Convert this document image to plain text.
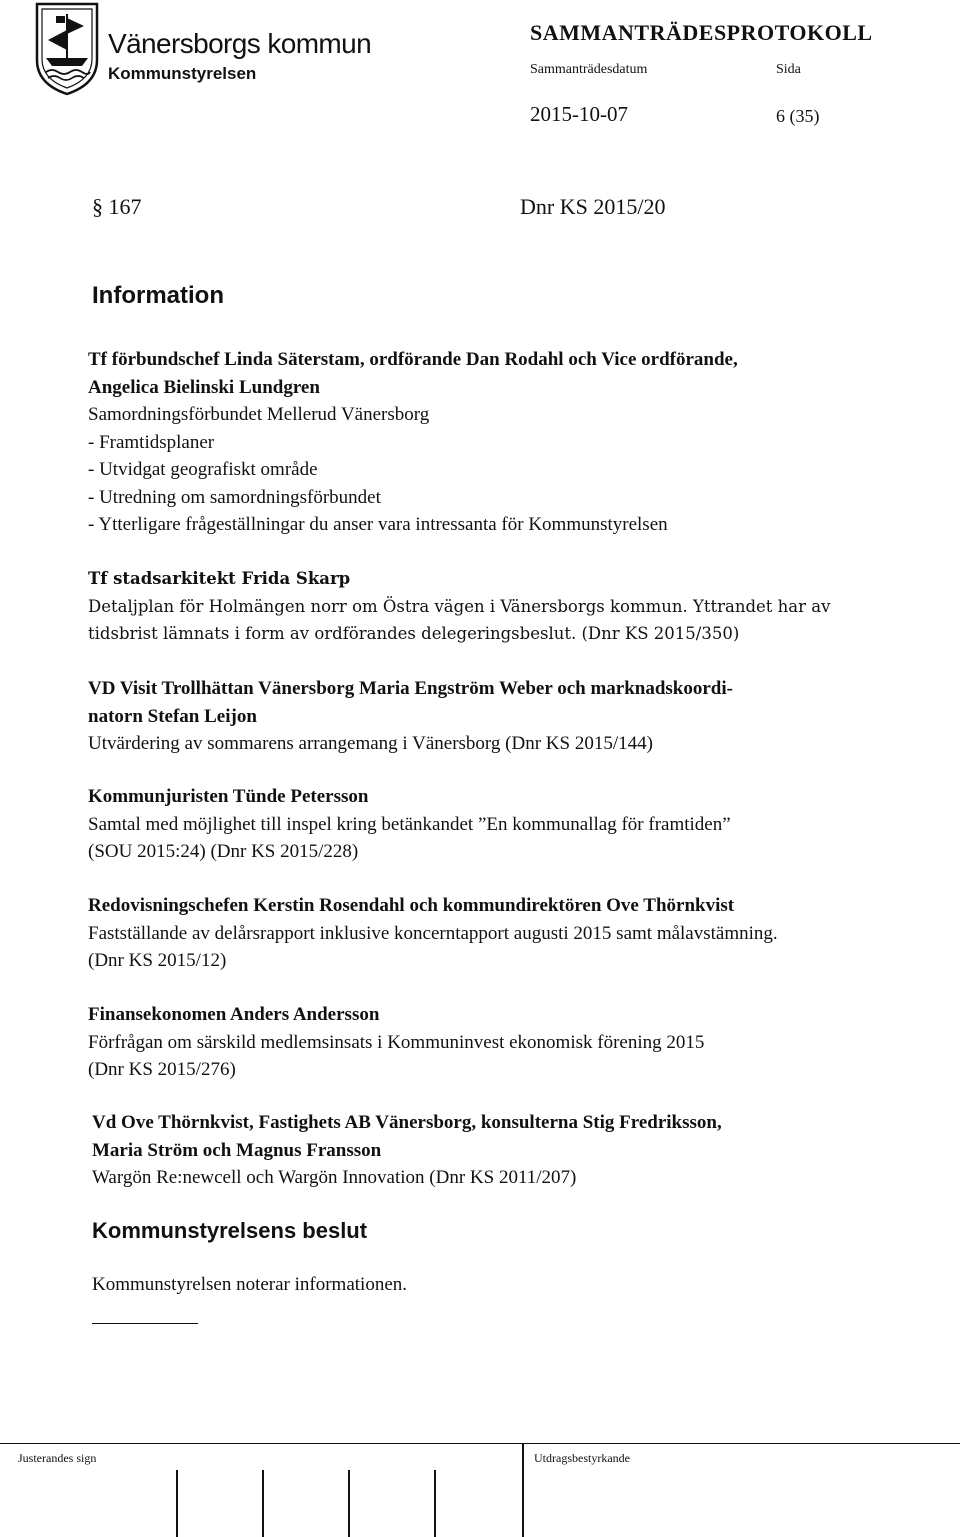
Vänersborgs kommun
Kommunstyrelsen
SAMMANTRÄDESPROTOKOLL
Sammanträdesdatum	Sida
2015-10-07	6 (35)
§ 167	Dnr KS 2015/20
Information
Tf förbundschef Linda Säterstam, ordförande Dan Rodahl och Vice ordförande,
Angelica Bielinski Lundgren
Samordningsförbundet Mellerud Vänersborg
- Framtidsplaner
- Utvidgat geografiskt område
- Utredning om samordningsförbundet
- Ytterligare frågeställningar du anser vara intressanta för Kommunstyrelsen
Tf stadsarkitekt Frida Skarp
Detaljplan för Holmängen norr om Östra vägen i Vänersborgs kommun. Yttrandet har av
tidsbrist lämnats i form av ordförandes delegeringsbeslut. (Dnr KS 2015/350)
VD Visit Trollhättan Vänersborg Maria Engström Weber och marknadskoordi-
natorn Stefan Leijon
Utvärdering av sommarens arrangemang i Vänersborg (Dnr KS 2015/144)
Kommunjuristen Tünde Petersson
Samtal med möjlighet till inspel kring betänkandet ”En kommunallag för framtiden”
(SOU 2015:24) (Dnr KS 2015/228)
Redovisningschefen Kerstin Rosendahl och kommundirektören Ove Thörnkvist
Fastställande av delårsrapport inklusive koncerntapport augusti 2015 samt målavstämning.
(Dnr KS 2015/12)
Finansekonomen Anders Andersson
Förfrågan om särskild medlemsinsats i Kommuninvest ekonomisk förening 2015
(Dnr KS 2015/276)
Vd Ove Thörnkvist, Fastighets AB Vänersborg, konsulterna Stig Fredriksson,
Maria Ström och Magnus Fransson
Wargön Re:newcell och Wargön Innovation (Dnr KS 2011/207)
Kommunstyrelsens beslut
Kommunstyrelsen noterar informationen.
Justerandes sign	Utdragsbestyrkande
